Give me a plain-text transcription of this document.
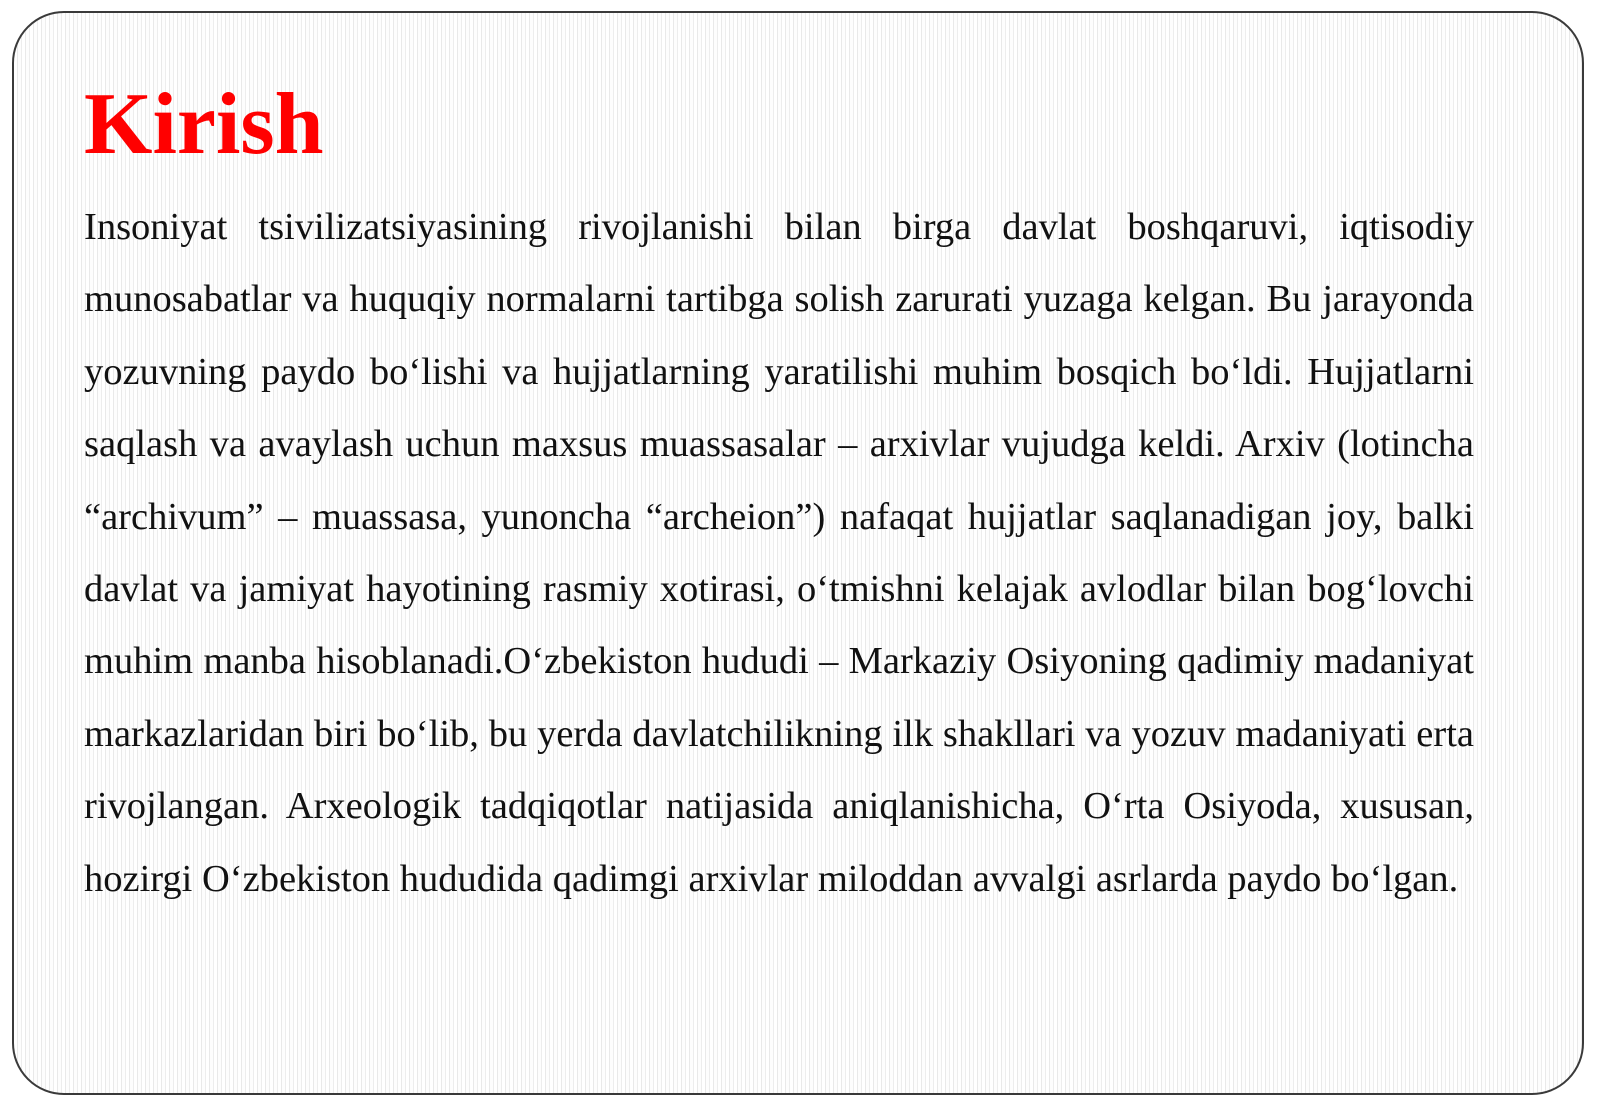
Kirish

Insoniyat tsivilizatsiyasining rivojlanishi bilan birga davlat boshqaruvi, iqtisodiy munosabatlar va huquqiy normalarni tartibga solish zarurati yuzaga kelgan. Bu jarayonda yozuvning paydo bo‘lishi va hujjatlarning yaratilishi muhim bosqich bo‘ldi. Hujjatlarni saqlash va avaylash uchun maxsus muassasalar – arxivlar vujudga keldi. Arxiv (lotincha “archivum” – muassasa, yunoncha “archeion”) nafaqat hujjatlar saqlanadigan joy, balki davlat va jamiyat hayotining rasmiy xotirasi, o‘tmishni kelajak avlodlar bilan bog‘lovchi muhim manba hisoblanadi.O‘zbekiston hududi – Markaziy Osiyoning qadimiy madaniyat markazlaridan biri bo‘lib, bu yerda davlatchilikning ilk shakllari va yozuv madaniyati erta rivojlangan. Arxeologik tadqiqotlar natijasida aniqlanishicha, O‘rta Osiyoda, xususan, hozirgi O‘zbekiston hududida qadimgi arxivlar miloddan avvalgi asrlarda paydo bo‘lgan.
